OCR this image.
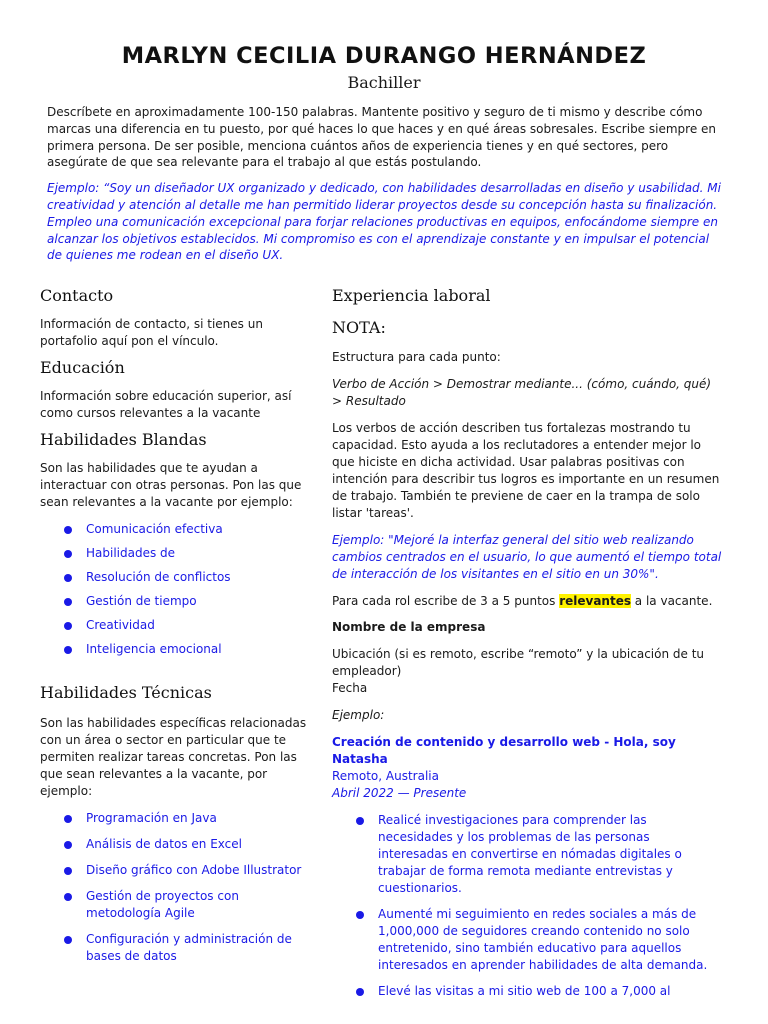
MARLYN CECILIA DURANGO HERNÁNDEZ
Bachiller

Descríbete en aproximadamente 100-150 palabras. Mantente positivo y seguro de ti mismo y describe cómo marcas una diferencia en tu puesto, por qué haces lo que haces y en qué áreas sobresales. Escribe siempre en primera persona. De ser posible, menciona cuántos años de experiencia tienes y en qué sectores, pero asegúrate de que sea relevante para el trabajo al que estás postulando.

Ejemplo: “Soy un diseñador UX organizado y dedicado, con habilidades desarrolladas en diseño y usabilidad. Mi creatividad y atención al detalle me han permitido liderar proyectos desde su concepción hasta su finalización. Empleo una comunicación excepcional para forjar relaciones productivas en equipos, enfocándome siempre en alcanzar los objetivos establecidos. Mi compromiso es con el aprendizaje constante y en impulsar el potencial de quienes me rodean en el diseño UX.

Contacto

Información de contacto, si tienes un portafolio aquí pon el vínculo.

Educación

Información sobre educación superior, así como cursos relevantes a la vacante

Habilidades Blandas

Son las habilidades que te ayudan a interactuar con otras personas. Pon las que sean relevantes a la vacante por ejemplo:

Comunicación efectiva
Habilidades de
Resolución de conflictos
Gestión de tiempo
Creatividad
Inteligencia emocional
Habilidades Técnicas

Son las habilidades específicas relacionadas con un área o sector en particular que te permiten realizar tareas concretas. Pon las que sean relevantes a la vacante, por ejemplo:

Programación en Java
Análisis de datos en Excel
Diseño gráfico con Adobe Illustrator
Gestión de proyectos con metodología Agile
Configuración y administración de bases de datos
Experiencia laboral
NOTA:

Estructura para cada punto:

Verbo de Acción > Demostrar mediante... (cómo, cuándo, qué) > Resultado

Los verbos de acción describen tus fortalezas mostrando tu capacidad. Esto ayuda a los reclutadores a entender mejor lo que hiciste en dicha actividad. Usar palabras positivas con intención para describir tus logros es importante en un resumen de trabajo. También te previene de caer en la trampa de solo listar 'tareas'.

Ejemplo: "Mejoré la interfaz general del sitio web realizando cambios centrados en el usuario, lo que aumentó el tiempo total de interacción de los visitantes en el sitio en un 30%".

Para cada rol escribe de 3 a 5 puntos relevantes a la vacante.

Nombre de la empresa

Ubicación (si es remoto, escribe “remoto” y la ubicación de tu empleador)

Fecha

Ejemplo:

Creación de contenido y desarrollo web - Hola, soy Natasha

Remoto, Australia

Abril 2022 — Presente

Realicé investigaciones para comprender las necesidades y los problemas de las personas interesadas en convertirse en nómadas digitales o trabajar de forma remota mediante entrevistas y cuestionarios.
Aumenté mi seguimiento en redes sociales a más de 1,000,000 de seguidores creando contenido no solo entretenido, sino también educativo para aquellos interesados en aprender habilidades de alta demanda.
Elevé las visitas a mi sitio web de 100 a 7,000 al
